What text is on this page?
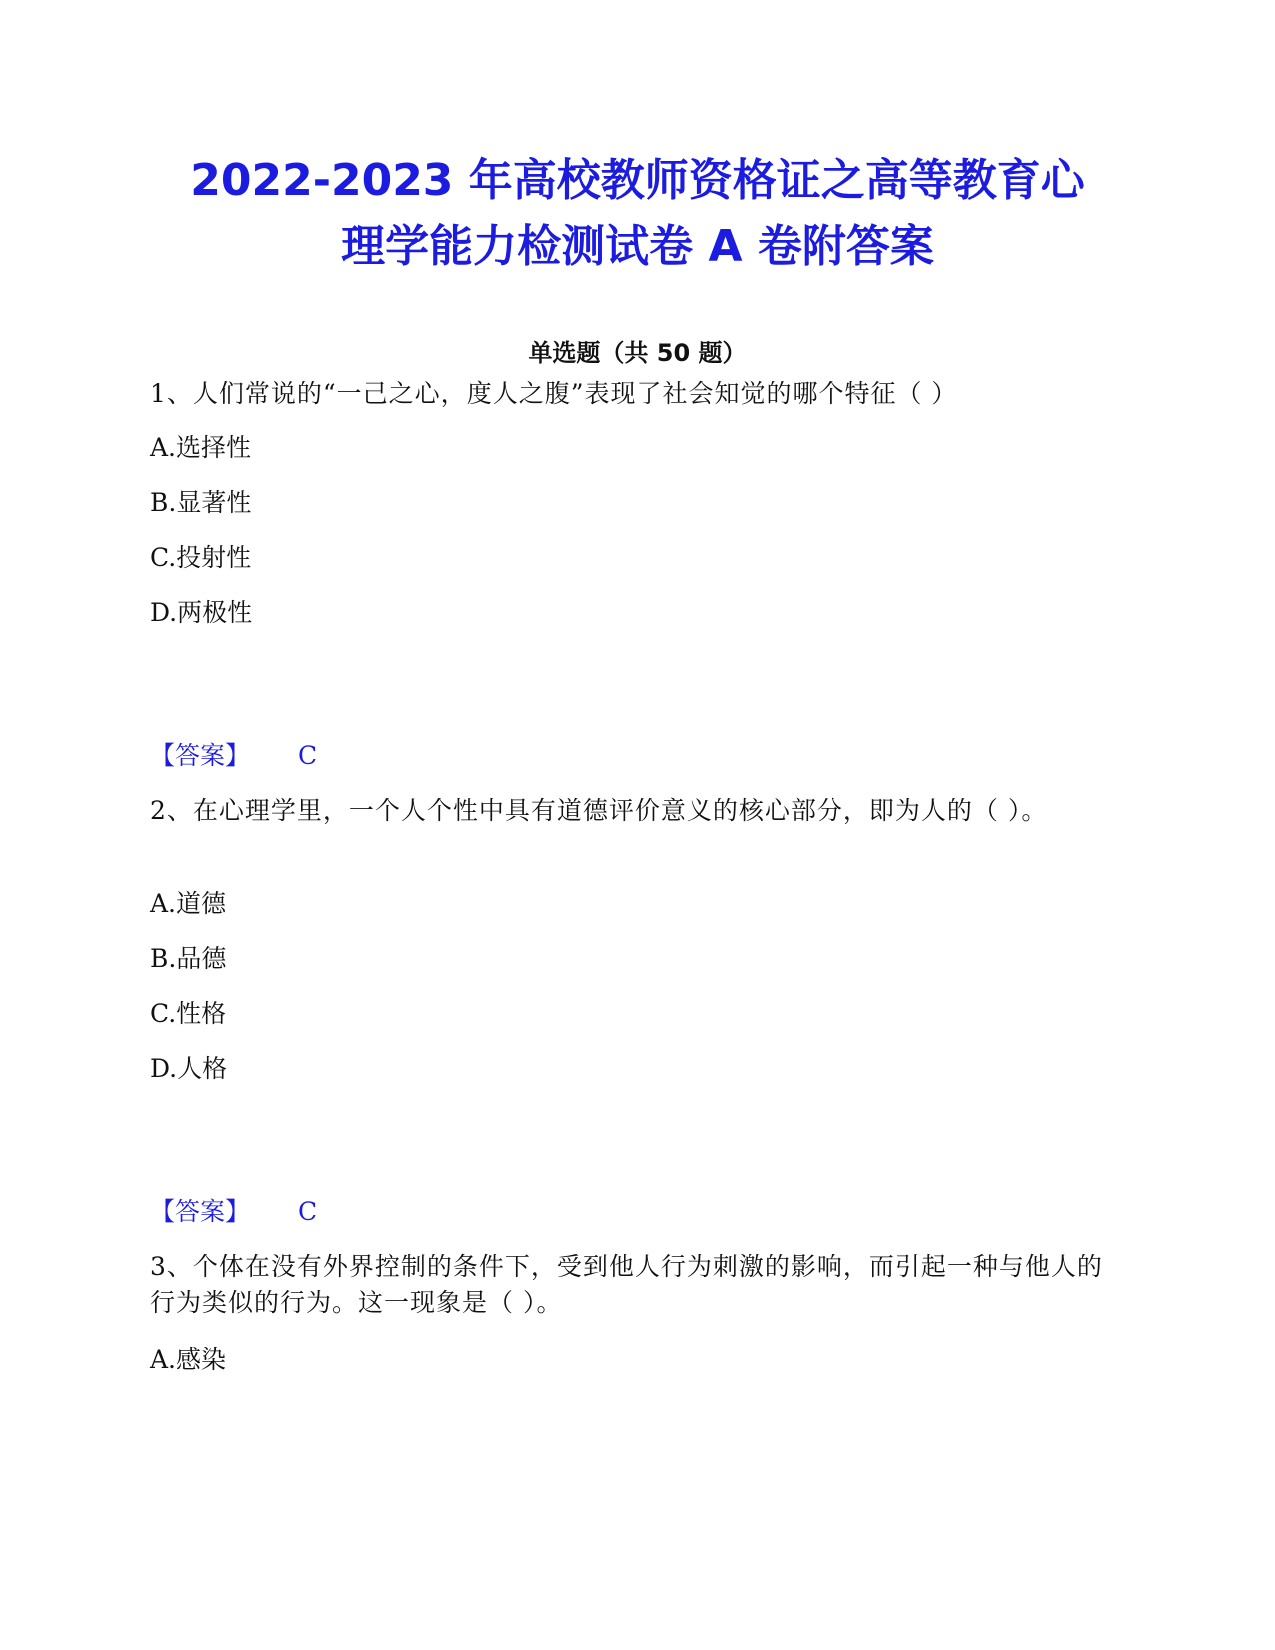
2022-2023 年高校教师资格证之高等教育心
理学能力检测试卷 A 卷附答案
单选题（共 50 题）
1、人们常说的“一己之心，度人之腹”表现了社会知觉的哪个特征（ ）
A.选择性
B.显著性
C.投射性
D.两极性
【答案】 C
2、在心理学里，一个人个性中具有道德评价意义的核心部分，即为人的（ ）。
A.道德
B.品德
C.性格
D.人格
【答案】 C
3、个体在没有外界控制的条件下，受到他人行为刺激的影响，而引起一种与他人的行为类似的行为。这一现象是（ ）。
A.感染
